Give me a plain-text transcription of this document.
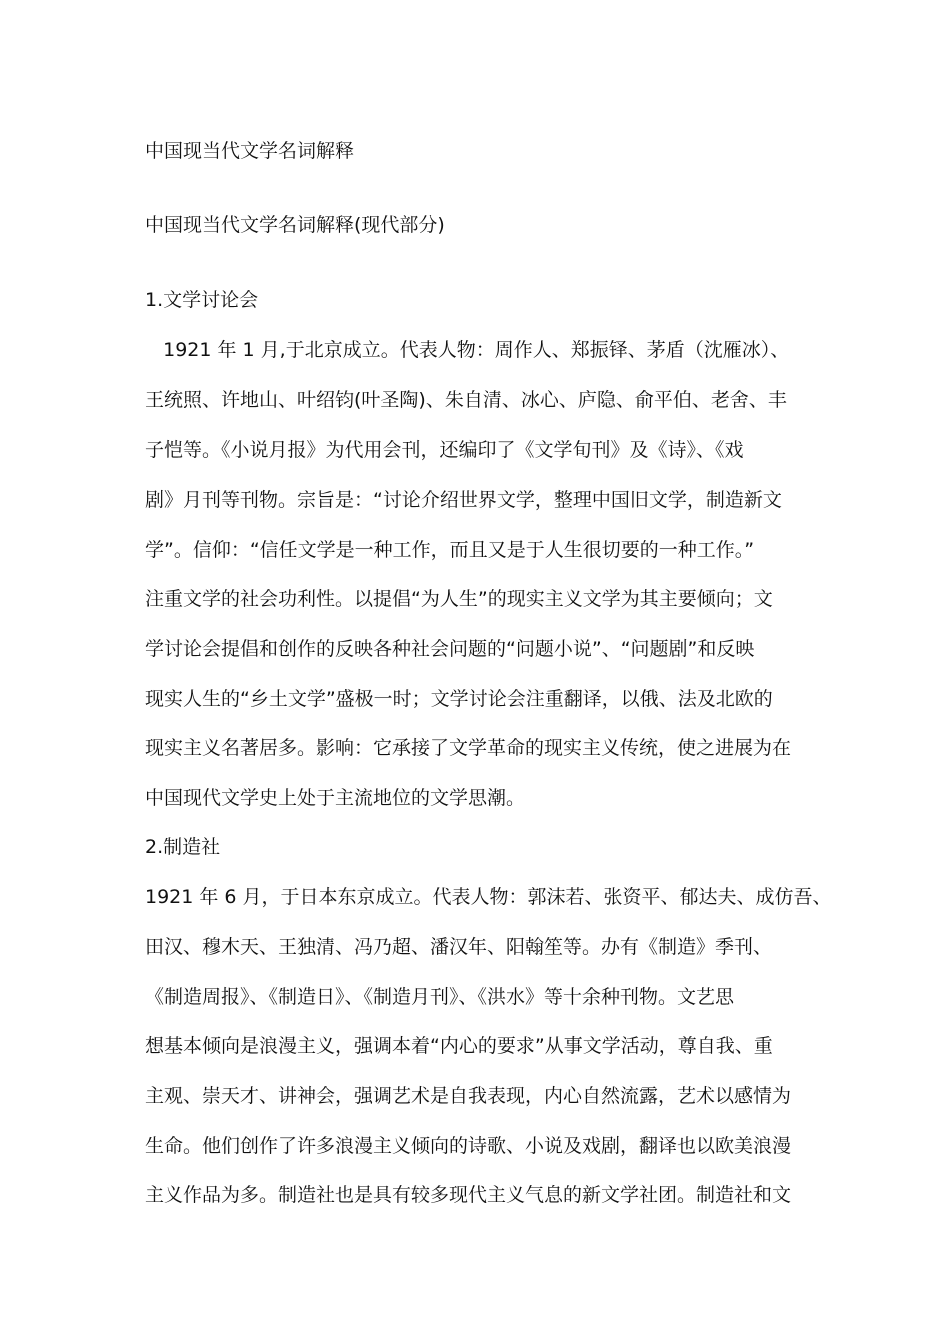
中国现当代文学名词解释
中国现当代文学名词解释(现代部分)
1.文学讨论会
1921 年 1 月,于北京成立。代表人物：周作人、郑振铎、茅盾（沈雁冰）、
王统照、许地山、叶绍钧(叶圣陶)、朱自清、冰心、庐隐、俞平伯、老舍、丰
子恺等。《小说月报》为代用会刊，还编印了《文学旬刊》及《诗》、《戏
剧》月刊等刊物。宗旨是：“讨论介绍世界文学，整理中国旧文学，制造新文
学”。信仰：“信任文学是一种工作，而且又是于人生很切要的一种工作。”
注重文学的社会功利性。以提倡“为人生”的现实主义文学为其主要倾向；文
学讨论会提倡和创作的反映各种社会问题的“问题小说”、“问题剧”和反映
现实人生的“乡土文学”盛极一时；文学讨论会注重翻译，以俄、法及北欧的
现实主义名著居多。影响：它承接了文学革命的现实主义传统，使之进展为在
中国现代文学史上处于主流地位的文学思潮。
2.制造社
1921 年 6 月，于日本东京成立。代表人物：郭沫若、张资平、郁达夫、成仿吾、
田汉、穆木天、王独清、冯乃超、潘汉年、阳翰笙等。办有《制造》季刊、
《制造周报》、《制造日》、《制造月刊》、《洪水》等十余种刊物。文艺思
想基本倾向是浪漫主义，强调本着“内心的要求”从事文学活动，尊自我、重
主观、崇天才、讲神会，强调艺术是自我表现，内心自然流露，艺术以感情为
生命。他们创作了许多浪漫主义倾向的诗歌、小说及戏剧，翻译也以欧美浪漫
主义作品为多。制造社也是具有较多现代主义气息的新文学社团。制造社和文
